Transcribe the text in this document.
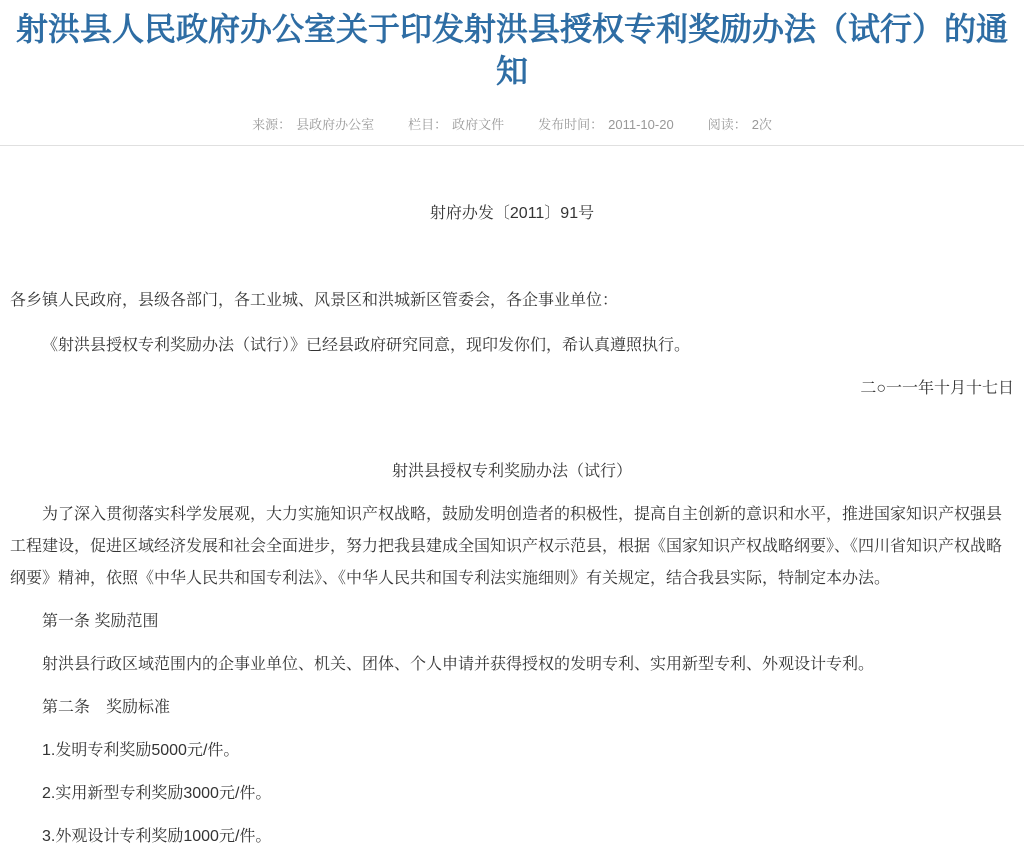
射洪县人民政府办公室关于印发射洪县授权专利奖励办法（试行）的通知
来源： 县政府办公室	栏目： 政府文件	发布时间： 2011-10-20	阅读： 2次

射府办发〔2011〕91号

各乡镇人民政府，县级各部门，各工业城、风景区和洪城新区管委会，各企事业单位：

《射洪县授权专利奖励办法（试行）》已经县政府研究同意，现印发你们，希认真遵照执行。

二○一一年十月十七日

射洪县授权专利奖励办法（试行）

为了深入贯彻落实科学发展观，大力实施知识产权战略，鼓励发明创造者的积极性，提高自主创新的意识和水平，推进国家知识产权强县工程建设，促进区域经济发展和社会全面进步，努力把我县建成全国知识产权示范县，根据《国家知识产权战略纲要》、《四川省知识产权战略纲要》精神，依照《中华人民共和国专利法》、《中华人民共和国专利法实施细则》有关规定，结合我县实际，特制定本办法。

第一条 奖励范围

射洪县行政区域范围内的企事业单位、机关、团体、个人申请并获得授权的发明专利、实用新型专利、外观设计专利。

第二条　奖励标准

1.发明专利奖励5000元/件。

2.实用新型专利奖励3000元/件。

3.外观设计专利奖励1000元/件。
